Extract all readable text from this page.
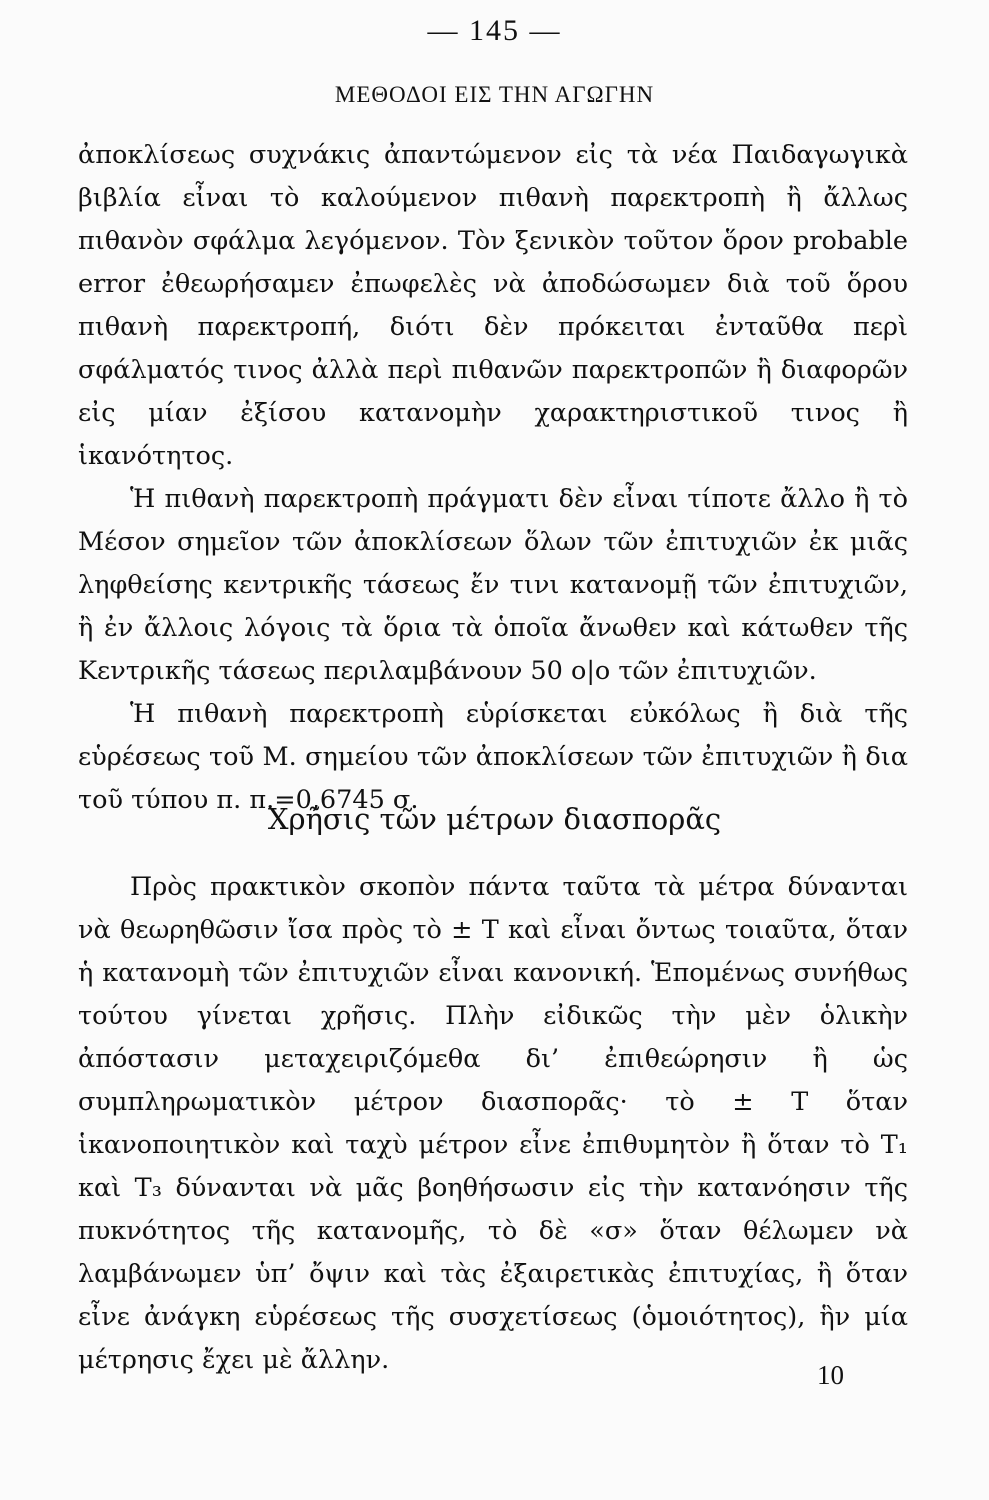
— 145 —
ΜΕΘΟΔΟΙ ΕΙΣ ΤΗΝ ΑΓΩΓΗΝ

ἀποκλίσεως συχνάκις ἀπαντώμενον εἰς τὰ νέα Παιδαγωγικὰ βιβλία εἶναι τὸ καλούμενον πιθανὴ παρεκτροπὴ ἢ ἄλλως πιθανὸν σφάλμα λεγόμενον. Τὸν ξενικὸν τοῦτον ὅρον probable error ἐθεωρήσαμεν ἐπωφελὲς νὰ ἀποδώσωμεν διὰ τοῦ ὅρου πιθανὴ παρεκτροπή, διότι δὲν πρόκειται ἐνταῦθα περὶ σφάλματός τινος ἀλλὰ περὶ πιθανῶν παρεκτροπῶν ἢ διαφορῶν εἰς μίαν ἐξίσου κατανομὴν χαρακτηριστικοῦ τινος ἢ ἱκανότητος.

Ἡ πιθανὴ παρεκτροπὴ πράγματι δὲν εἶναι τίποτε ἄλλο ἢ τὸ Μέσον σημεῖον τῶν ἀποκλίσεων ὅλων τῶν ἐπιτυχιῶν ἐκ μιᾶς ληφθείσης κεντρικῆς τάσεως ἔν τινι κατανομῇ τῶν ἐπιτυχιῶν, ἢ ἐν ἄλλοις λόγοις τὰ ὅρια τὰ ὁποῖα ἄνωθεν καὶ κάτωθεν τῆς Κεντρικῆς τάσεως περιλαμβάνουν 50 ο|ο τῶν ἐπιτυχιῶν.

Ἡ πιθανὴ παρεκτροπὴ εὑρίσκεται εὐκόλως ἢ διὰ τῆς εὑρέσεως τοῦ Μ. σημείου τῶν ἀποκλίσεων τῶν ἐπιτυχιῶν ἢ δια τοῦ τύπου π. π.=0,6745 σ.

Χρῆσις τῶν μέτρων διασπορᾶς

Πρὸς πρακτικὸν σκοπὸν πάντα ταῦτα τὰ μέτρα δύνανται νὰ θεωρηθῶσιν ἴσα πρὸς τὸ ± Τ καὶ εἶναι ὄντως τοιαῦτα, ὅταν ἡ κατανομὴ τῶν ἐπιτυχιῶν εἶναι κανονική. Ἑπομένως συνήθως τούτου γίνεται χρῆσις. Πλὴν εἰδικῶς τὴν μὲν ὁλικὴν ἀπόστασιν μεταχειριζόμεθα δι’ ἐπιθεώρησιν ἢ ὡς συμπληρωματικὸν μέτρον διασπορᾶς· τὸ ± Τ ὅταν ἱκανοποιητικὸν καὶ ταχὺ μέτρον εἶνε ἐπιθυμητὸν ἢ ὅταν τὸ Τ₁ καὶ Τ₃ δύνανται νὰ μᾶς βοηθήσωσιν εἰς τὴν κατανόησιν τῆς πυκνότητος τῆς κατανομῆς, τὸ δὲ «σ» ὅταν θέλωμεν νὰ λαμβάνωμεν ὑπ’ ὄψιν καὶ τὰς ἐξαιρετικὰς ἐπιτυχίας, ἢ ὅταν εἶνε ἀνάγκη εὑρέσεως τῆς συσχετίσεως (ὁμοιότητος), ἣν μία μέτρησις ἔχει μὲ ἄλλην.	10
